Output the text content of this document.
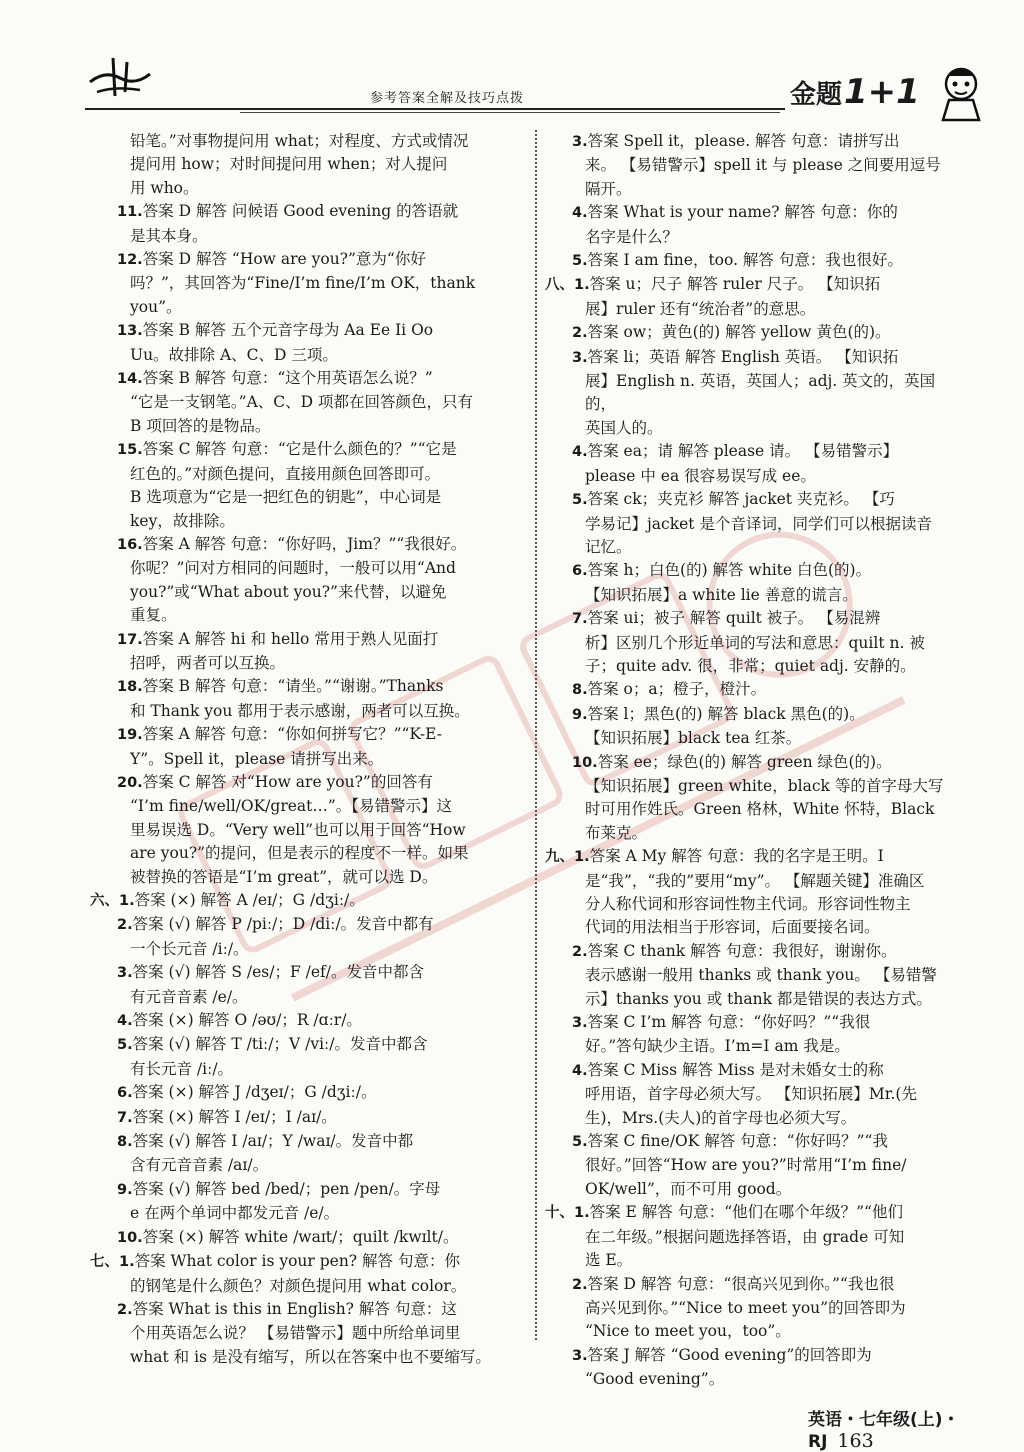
参考答案全解及技巧点拨	金题1+1

铅笔。”对事物提问用 what；对程度、方式或情况

提问用 how；对时间提问用 when；对人提问

用 who。

11.答案 D 解答 问候语 Good evening 的答语就

是其本身。

12.答案 D 解答 “How are you?”意为“你好

吗？”，其回答为“Fine/I’m fine/I’m OK，thank

you”。

13.答案 B 解答 五个元音字母为 Aa Ee Ii Oo

Uu。故排除 A、C、D 三项。

14.答案 B 解答 句意：“这个用英语怎么说？”

“它是一支钢笔。”A、C、D 项都在回答颜色，只有

B 项回答的是物品。

15.答案 C 解答 句意：“它是什么颜色的？”“它是

红色的。”对颜色提问，直接用颜色回答即可。

B 选项意为“它是一把红色的钥匙”，中心词是

key，故排除。

16.答案 A 解答 句意：“你好吗，Jim？”“我很好。

你呢？”问对方相同的问题时，一般可以用“And

you?”或“What about you?”来代替，以避免

重复。

17.答案 A 解答 hi 和 hello 常用于熟人见面打

招呼，两者可以互换。

18.答案 B 解答 句意：“请坐。”“谢谢。”Thanks

和 Thank you 都用于表示感谢，两者可以互换。

19.答案 A 解答 句意：“你如何拼写它？”“K-E-

Y”。Spell it，please 请拼写出来。

20.答案 C 解答 对“How are you?”的回答有

“I’m fine/well/OK/great…”。【易错警示】这

里易误选 D。“Very well”也可以用于回答“How

are you?”的提问，但是表示的程度不一样。如果

被替换的答语是“I’m great”，就可以选 D。

六、1.答案 (×) 解答 A /eɪ/；G /dʒiː/。

2.答案 (√) 解答 P /piː/；D /diː/。发音中都有

一个长元音 /iː/。

3.答案 (√) 解答 S /es/；F /ef/。发音中都含

有元音音素 /e/。

4.答案 (×) 解答 O /əʊ/；R /ɑːr/。

5.答案 (√) 解答 T /tiː/；V /viː/。发音中都含

有长元音 /iː/。

6.答案 (×) 解答 J /dʒeɪ/；G /dʒiː/。

7.答案 (×) 解答 I /eɪ/；I /aɪ/。

8.答案 (√) 解答 I /aɪ/；Y /waɪ/。发音中都

含有元音音素 /aɪ/。

9.答案 (√) 解答 bed /bed/；pen /pen/。字母

e 在两个单词中都发元音 /e/。

10.答案 (×) 解答 white /waɪt/；quilt /kwɪlt/。

七、1.答案 What color is your pen? 解答 句意：你

的钢笔是什么颜色？对颜色提问用 what color。

2.答案 What is this in English? 解答 句意：这

个用英语怎么说？ 【易错警示】题中所给单词里

what 和 is 是没有缩写，所以在答案中也不要缩写。

3.答案 Spell it，please. 解答 句意：请拼写出

来。 【易错警示】spell it 与 please 之间要用逗号

隔开。

4.答案 What is your name? 解答 句意：你的

名字是什么？

5.答案 I am fine，too. 解答 句意：我也很好。

八、1.答案 u；尺子 解答 ruler 尺子。 【知识拓

展】ruler 还有“统治者”的意思。

2.答案 ow；黄色(的) 解答 yellow 黄色(的)。

3.答案 li；英语 解答 English 英语。 【知识拓

展】English n. 英语，英国人；adj. 英文的，英国的，

英国人的。

4.答案 ea；请 解答 please 请。 【易错警示】

please 中 ea 很容易误写成 ee。

5.答案 ck；夹克衫 解答 jacket 夹克衫。 【巧

学易记】jacket 是个音译词，同学们可以根据读音

记忆。

6.答案 h；白色(的) 解答 white 白色(的)。

【知识拓展】a white lie 善意的谎言。

7.答案 ui；被子 解答 quilt 被子。 【易混辨

析】区别几个形近单词的写法和意思：quilt n. 被

子；quite adv. 很，非常；quiet adj. 安静的。

8.答案 o；a；橙子，橙汁。

9.答案 l；黑色(的) 解答 black 黑色(的)。

【知识拓展】black tea 红茶。

10.答案 ee；绿色(的) 解答 green 绿色(的)。

【知识拓展】green white，black 等的首字母大写

时可用作姓氏。Green 格林，White 怀特，Black

布莱克。

九、1.答案 A My 解答 句意：我的名字是王明。I

是“我”，“我的”要用“my”。 【解题关键】准确区

分人称代词和形容词性物主代词。形容词性物主

代词的用法相当于形容词，后面要接名词。

2.答案 C thank 解答 句意：我很好，谢谢你。

表示感谢一般用 thanks 或 thank you。 【易错警

示】thanks you 或 thank 都是错误的表达方式。

3.答案 C I’m 解答 句意：“你好吗？”“我很

好。”答句缺少主语。I’m=I am 我是。

4.答案 C Miss 解答 Miss 是对未婚女士的称

呼用语，首字母必须大写。 【知识拓展】Mr.(先

生)，Mrs.(夫人)的首字母也必须大写。

5.答案 C fine/OK 解答 句意：“你好吗？”“我

很好。”回答“How are you?”时常用“I’m fine/

OK/well”，而不可用 good。

十、1.答案 E 解答 句意：“他们在哪个年级？”“他们

在二年级。”根据问题选择答语，由 grade 可知

选 E。

2.答案 D 解答 句意：“很高兴见到你。”“我也很

高兴见到你。”“Nice to meet you”的回答即为

“Nice to meet you，too”。

3.答案 J 解答 “Good evening”的回答即为

“Good evening”。

英语・七年级(上)・RJ 163
